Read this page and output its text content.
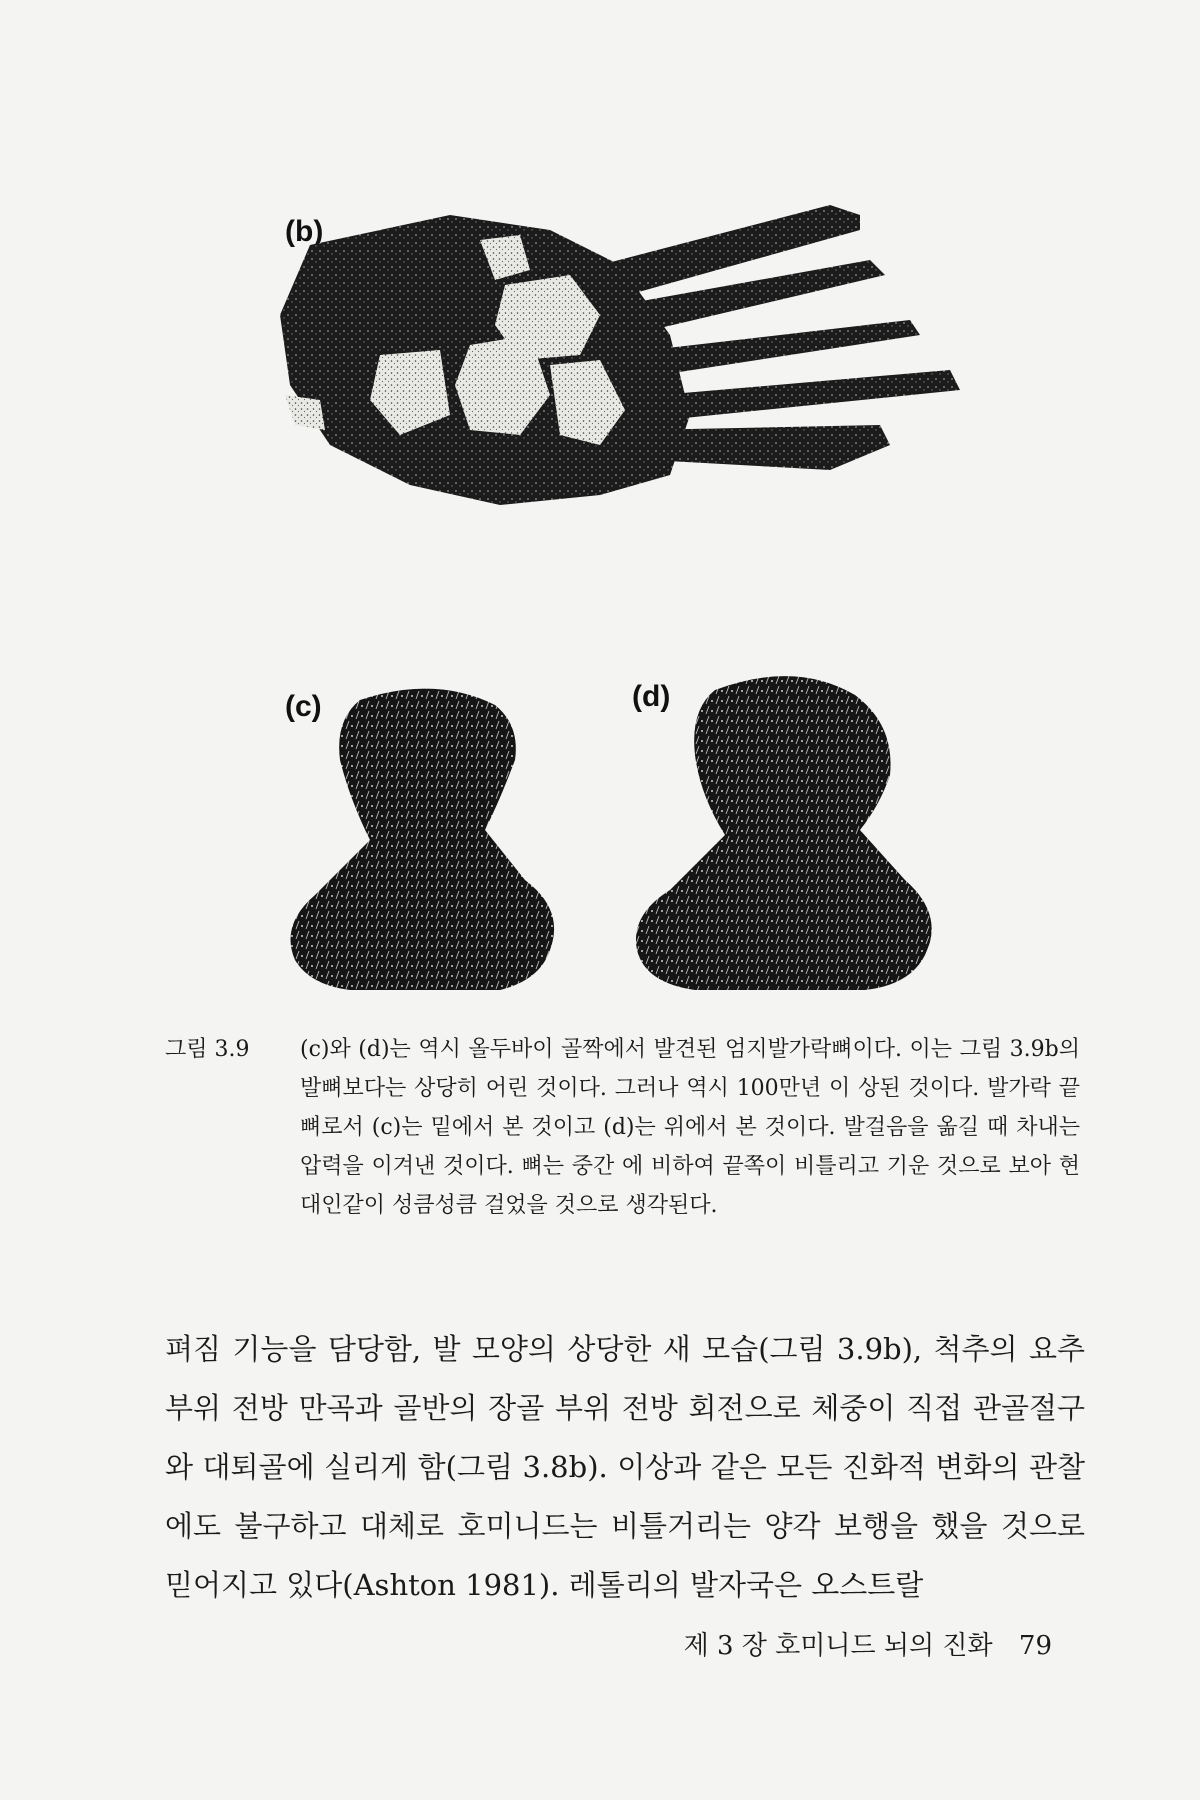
(b)
(c)	(d)
그림 3.9	(c)와 (d)는 역시 올두바이 골짝에서 발견된 엄지발가락뼈이다. 이는 그림 3.9b의 발뼈보다는 상당히 어린 것이다. 그러나 역시 100만년 이 상된 것이다. 발가락 끝뼈로서 (c)는 밑에서 본 것이고 (d)는 위에서 본 것이다. 발걸음을 옮길 때 차내는 압력을 이겨낸 것이다. 뼈는 중간 에 비하여 끝쪽이 비틀리고 기운 것으로 보아 현대인같이 성큼성큼 걸었을 것으로 생각된다.
펴짐 기능을 담당함, 발 모양의 상당한 새 모습(그림 3.9b), 척추의 요추 부위 전방 만곡과 골반의 장골 부위 전방 회전으로 체중이 직접 관골절구와 대퇴골에 실리게 함(그림 3.8b). 이상과 같은 모든 진화적 변화의 관찰에도 불구하고 대체로 호미니드는 비틀거리는 양각 보행을 했을 것으로 믿어지고 있다(Ashton 1981). 레톨리의 발자국은 오스트랄
제 3 장 호미니드 뇌의 진화 79
